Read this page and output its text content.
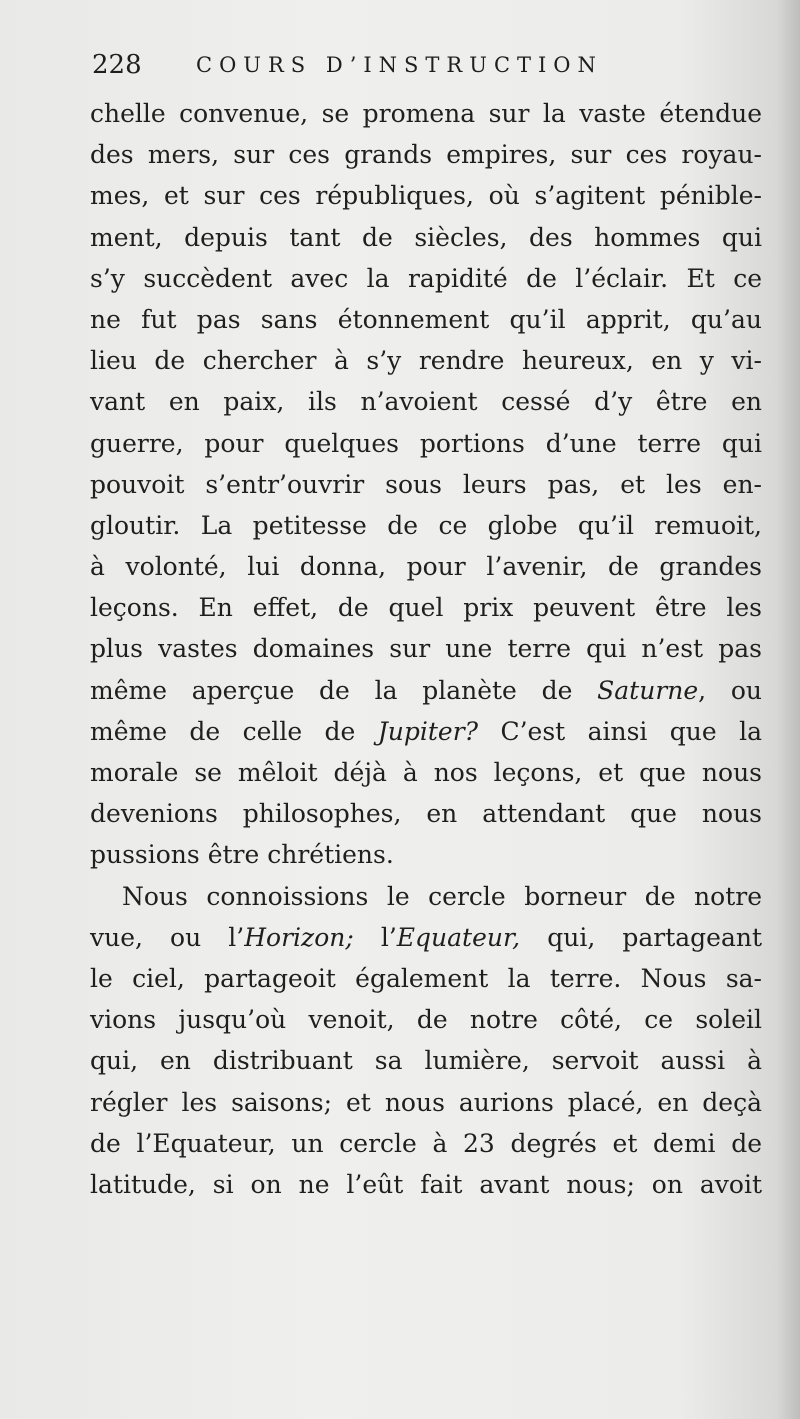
228	COURS D’INSTRUCTION
chelle convenue, se promena sur la vaste étendue
des mers, sur ces grands empires, sur ces royau-
mes, et sur ces républiques, où s’agitent pénible-
ment, depuis tant de siècles, des hommes qui
s’y succèdent avec la rapidité de l’éclair. Et ce
ne fut pas sans étonnement qu’il apprit, qu’au
lieu de chercher à s’y rendre heureux, en y vi-
vant en paix, ils n’avoient cessé d’y être en
guerre, pour quelques portions d’une terre qui
pouvoit s’entr’ouvrir sous leurs pas, et les en-
gloutir. La petitesse de ce globe qu’il remuoit,
à volonté, lui donna, pour l’avenir, de grandes
leçons. En effet, de quel prix peuvent être les
plus vastes domaines sur une terre qui n’est pas
même aperçue de la planète de Saturne, ou
même de celle de Jupiter? C’est ainsi que la
morale se mêloit déjà à nos leçons, et que nous
devenions philosophes, en attendant que nous
pussions être chrétiens.
Nous connoissions le cercle borneur de notre
vue, ou l’Horizon; l’Equateur, qui, partageant
le ciel, partageoit également la terre. Nous sa-
vions jusqu’où venoit, de notre côté, ce soleil
qui, en distribuant sa lumière, servoit aussi à
régler les saisons; et nous aurions placé, en deçà
de l’Equateur, un cercle à 23 degrés et demi de
latitude, si on ne l’eût fait avant nous; on avoit
